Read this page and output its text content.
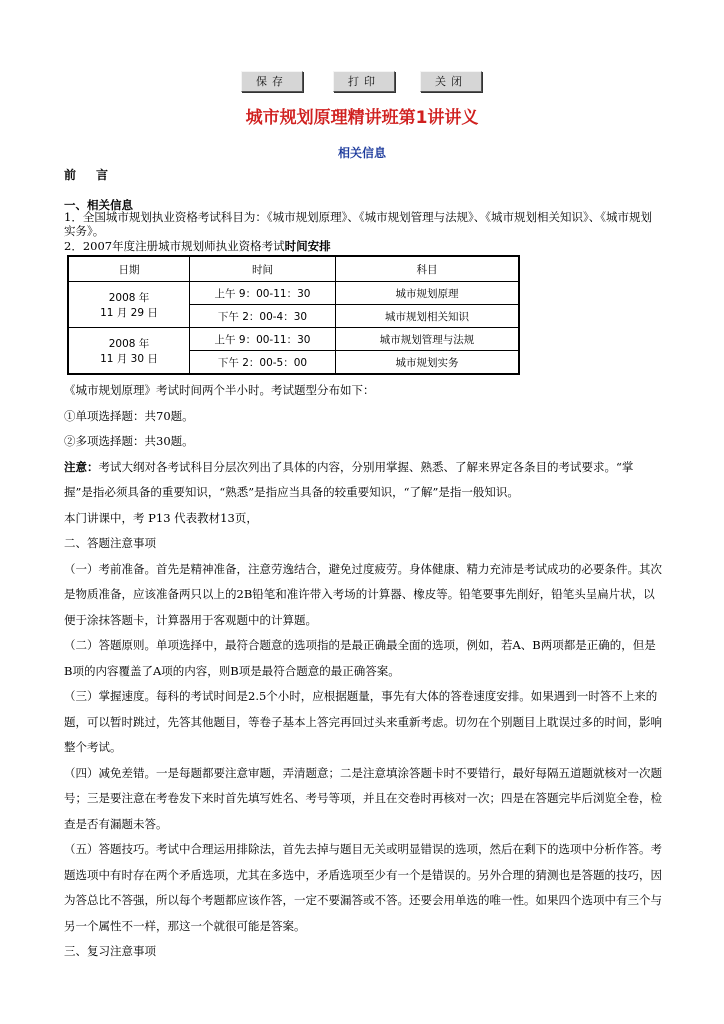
保存	打印	关闭
城市规划原理精讲班第1讲讲义
相关信息
前言
一、相关信息
1．全国城市规划执业资格考试科目为：《城市规划原理》、《城市规划管理与法规》、《城市规划相关知识》、《城市规划实务》。
2．2007年度注册城市规划师执业资格考试时间安排
日期	时间	科目

2008 年
11 月 29 日	上午 9：00-11：30	城市规划原理
	下午 2：00-4：30	城市规划相关知识

2008 年
11 月 30 日	上午 9：00-11：30	城市规划管理与法规
	下午 2：00-5：00	城市规划实务

《城市规划原理》考试时间两个半小时。考试题型分布如下：

①单项选择题：共70题。

②多项选择题：共30题。

注意：考试大纲对各考试科目分层次列出了具体的内容，分别用掌握、熟悉、了解来界定各条目的考试要求。“掌握”是指必须具备的重要知识，“熟悉”是指应当具备的较重要知识，“了解”是指一般知识。

本门讲课中，考 P13 代表教材13页，

二、答题注意事项

（一）考前准备。首先是精神准备，注意劳逸结合，避免过度疲劳。身体健康、精力充沛是考试成功的必要条件。其次是物质准备，应该准备两只以上的2B铅笔和准许带入考场的计算器、橡皮等。铅笔要事先削好，铅笔头呈扁片状，以便于涂抹答题卡，计算器用于客观题中的计算题。

（二）答题原则。单项选择中，最符合题意的选项指的是最正确最全面的选项，例如，若A、B两项都是正确的，但是B项的内容覆盖了A项的内容，则B项是最符合题意的最正确答案。

（三）掌握速度。每科的考试时间是2.5个小时，应根据题量，事先有大体的答卷速度安排。如果遇到一时答不上来的题，可以暂时跳过，先答其他题目，等卷子基本上答完再回过头来重新考虑。切勿在个别题目上耽误过多的时间，影响整个考试。

（四）减免差错。一是每题都要注意审题，弄清题意；二是注意填涂答题卡时不要错行，最好每隔五道题就核对一次题号；三是要注意在考卷发下来时首先填写姓名、考号等项，并且在交卷时再核对一次；四是在答题完毕后浏览全卷，检查是否有漏题未答。

（五）答题技巧。考试中合理运用排除法，首先去掉与题目无关或明显错误的选项，然后在剩下的选项中分析作答。考题选项中有时存在两个矛盾选项，尤其在多选中，矛盾选项至少有一个是错误的。另外合理的猜测也是答题的技巧，因为答总比不答强，所以每个考题都应该作答，一定不要漏答或不答。还要会用单选的唯一性。如果四个选项中有三个与另一个属性不一样，那这一个就很可能是答案。

三、复习注意事项
